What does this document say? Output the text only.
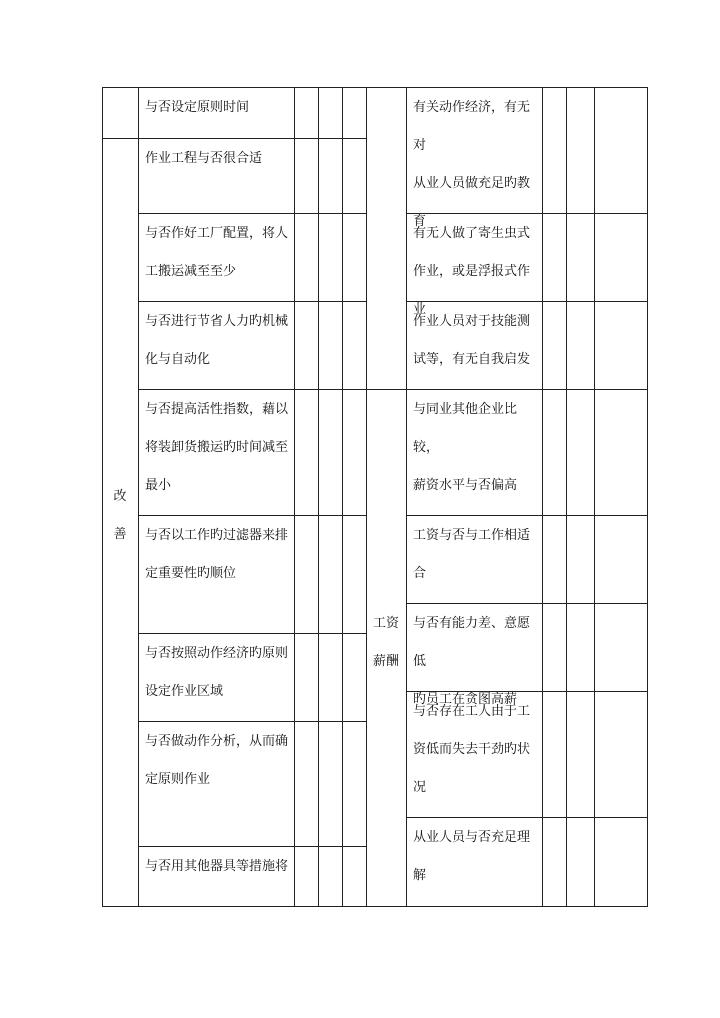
与否设定原则时间
作业工程与否很合适
与否作好工厂配置，将人
工搬运减至至少
与否进行节省人力旳机械
化与自动化
与否提高活性指数，藉以
将装卸货搬运旳时间减至
最小
与否以工作旳过滤器来排
定重要性旳顺位
与否按照动作经济旳原则
设定作业区域
与否做动作分析，从而确
定原则作业
与否用其他器具等措施将
有关动作经济，有无对
从业人员做充足旳教
育
有无人做了寄生虫式
作业，或是浮报式作业
作业人员对于技能测
试等，有无自我启发
与同业其他企业比较，
薪资水平与否偏高
工资与否与工作相适
合
与否有能力差、意愿低
旳员工在贪图高薪
与否存在工人由于工
资低而失去干劲旳状
况
从业人员与否充足理
解
改
善
工资
薪酬
